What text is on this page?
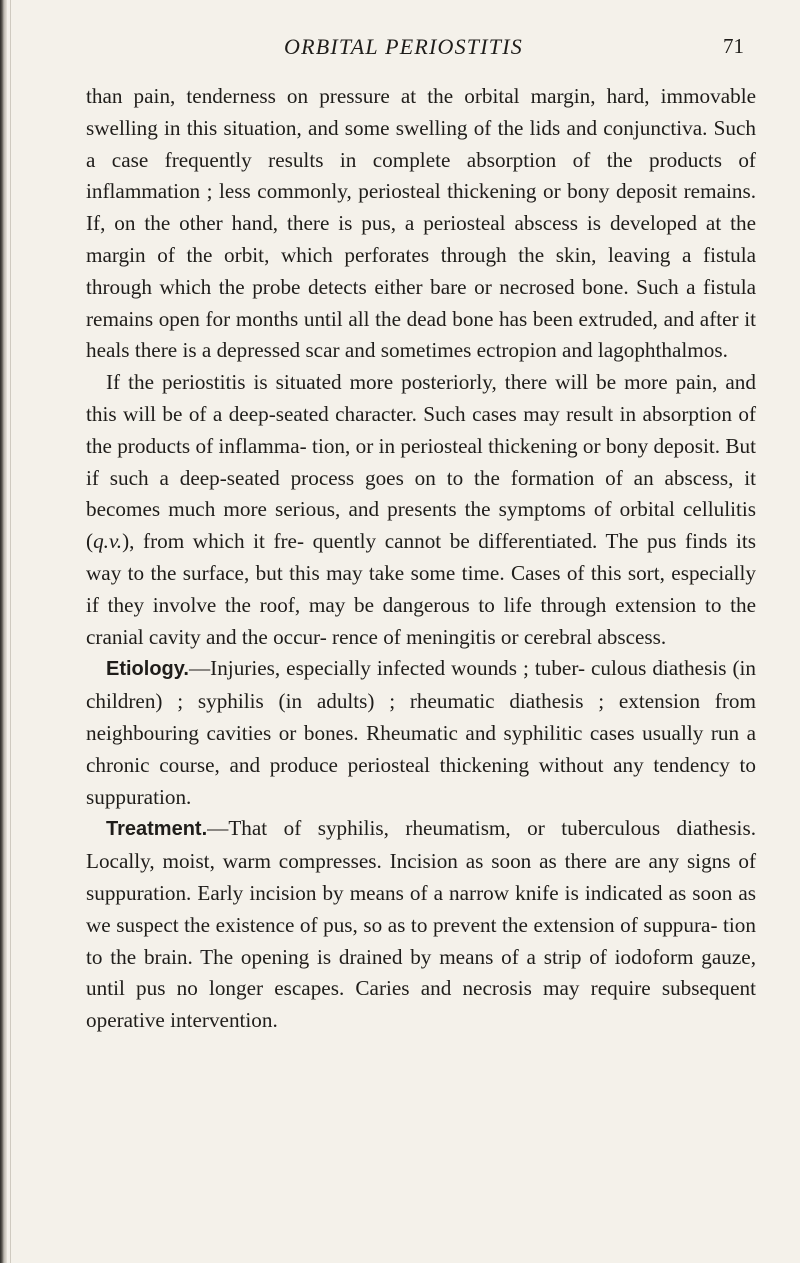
ORBITAL PERIOSTITIS	71

than pain, tenderness on pressure at the orbital margin, hard, immovable swelling in this situation, and some swelling of the lids and conjunctiva. Such a case frequently results in complete absorption of the products of inflammation ; less commonly, periosteal thickening or bony deposit remains. If, on the other hand, there is pus, a periosteal abscess is developed at the margin of the orbit, which perforates through the skin, leaving a fistula through which the probe detects either bare or necrosed bone. Such a fistula remains open for months until all the dead bone has been extruded, and after it heals there is a depressed scar and sometimes ectropion and lagophthalmos.

If the periostitis is situated more posteriorly, there will be more pain, and this will be of a deep-seated character. Such cases may result in absorption of the products of inflamma- tion, or in periosteal thickening or bony deposit. But if such a deep-seated process goes on to the formation of an abscess, it becomes much more serious, and presents the symptoms of orbital cellulitis (q.v.), from which it fre- quently cannot be differentiated. The pus finds its way to the surface, but this may take some time. Cases of this sort, especially if they involve the roof, may be dangerous to life through extension to the cranial cavity and the occur- rence of meningitis or cerebral abscess.

Etiology.—Injuries, especially infected wounds ; tuber- culous diathesis (in children) ; syphilis (in adults) ; rheumatic diathesis ; extension from neighbouring cavities or bones. Rheumatic and syphilitic cases usually run a chronic course, and produce periosteal thickening without any tendency to suppuration.

Treatment.—That of syphilis, rheumatism, or tuberculous diathesis. Locally, moist, warm compresses. Incision as soon as there are any signs of suppuration. Early incision by means of a narrow knife is indicated as soon as we suspect the existence of pus, so as to prevent the extension of suppura- tion to the brain. The opening is drained by means of a strip of iodoform gauze, until pus no longer escapes. Caries and necrosis may require subsequent operative intervention.
